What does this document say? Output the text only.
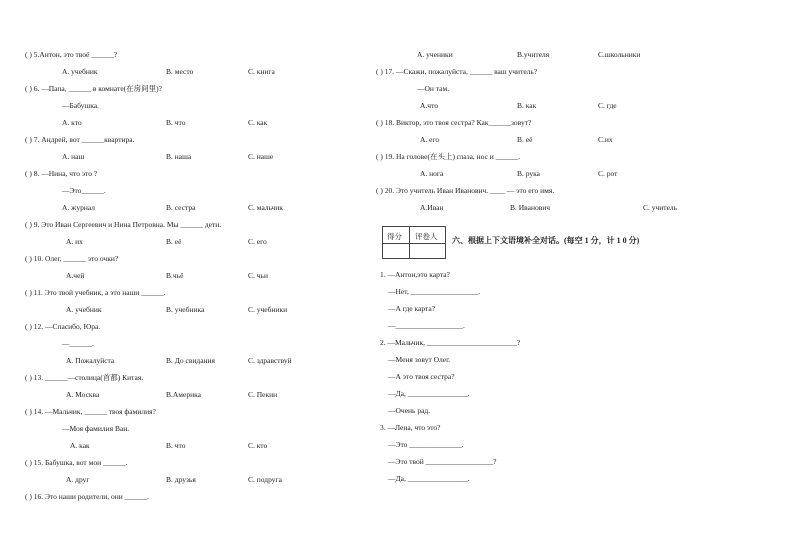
( ) 5.Антон, это твоё ______?
А. учебник	B. место	C. книга
( ) 6. —Папа, ______ в комнате(在房间里)?
—Бабушка.
А. кто	B. что	C. как
( ) 7. Андрей, вот ______квартира.
А. наш	B. наша	C. наше
( ) 8. —Нина, что это ?
—Это______.
А. журнал	B. сестра	C. мальчик
( ) 9. Это Иван Сергеевич и Нина Петровна. Мы ______ дети.
А. их	B. её	C. его
( ) 10. Олег, ______ это очки?
А.чей	B.чьё	C. чьи
( ) 11. Это твой учебник, а это наши ______.
А. учебник	B. учебника	C. учебники
( ) 12. —Спасибо, Юра.
—______.
А. Пожалуйста	B. До свидания	C. здравствуй
( ) 13. ______—столица(首都) Китая.
А. Москва	B.Америка	C. Пекин
( ) 14. —Мальчик, ______ твоя фамилия?
—Моя фамилия Ван.
А. как	B. что	C. кто
( ) 15. Бабушка, вот мои ______.
А. друг	B. друзья	C. подруга
( ) 16. Это наши родители, они ______.
А. ученики	B.учителя	C.школьники
( ) 17. —Скажи, пожалуйста, ______ ваш учитель?
—Он там.
А.что	B. как	C. где
( ) 18. Виктор, это твоя сестра? Как______зовут?
А. его	B. её	C.их
( ) 19. На голове(在头上) глаза, нос и ______.
А. нога	B. рука	C. рот
( ) 20. Это учитель Иван Иванович. ____ — это его имя.
А.Иван	B. Иванович	C. учитель
1. —Антон,это карта?
—Нет, __________________.
—А где карта?
—__________________.
2. —Мальчик, ________________________?
—Меня зовут Олег.
—А это твоя сестра?
—Да, ________________.
—Очень рад.
3. —Лена, что это?
—Это ______________.
—Это твой __________________?
—Да, ________________.
得分 评卷人 六、根据上下文语境补全对话。(每空 1 分，计 1 0 分)
